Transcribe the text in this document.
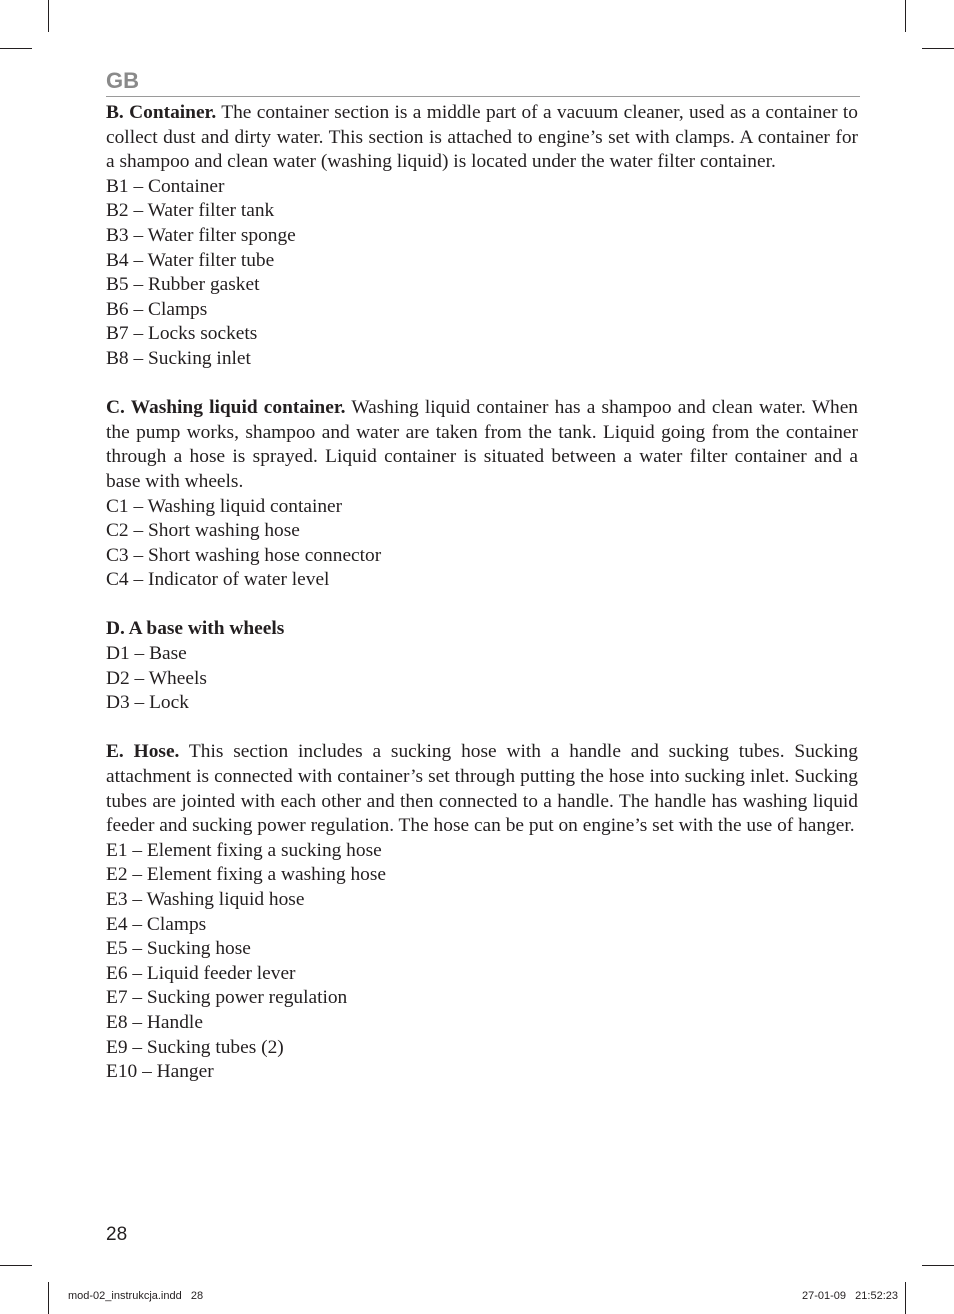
GB

B. Container. The container section is a middle part of a vacuum cleaner, used as a container to collect dust and dirty water. This section is attached to engine’s set with clamps. A container for a shampoo and clean water (washing liquid) is located under the water filter container.

B1 – Container

B2 – Water filter tank

B3 – Water filter sponge

B4 – Water filter tube

B5 – Rubber gasket

B6 – Clamps

B7 – Locks sockets

B8 – Sucking inlet

C. Washing liquid container. Washing liquid container has a shampoo and clean water. When the pump works, shampoo and water are taken from the tank. Liquid going from the container through a hose is sprayed. Liquid container is situated between a water filter container and a base with wheels.

C1 – Washing liquid container

C2 – Short washing hose

C3 – Short washing hose connector

C4 – Indicator of water level

D. A base with wheels

D1 – Base

D2 – Wheels

D3 – Lock

E. Hose. This section includes a sucking hose with a handle and sucking tubes. Sucking attachment is connected with container’s set through putting the hose into sucking inlet. Sucking tubes are jointed with each other and then connected to a handle. The handle has washing liquid feeder and sucking power regulation. The hose can be put on engine’s set with the use of hanger.

E1 – Element fixing a sucking hose

E2 – Element fixing a washing hose

E3 – Washing liquid hose

E4 – Clamps

E5 – Sucking hose

E6 – Liquid feeder lever

E7 – Sucking power regulation

E8 – Handle

E9 – Sucking tubes (2)

E10 – Hanger

28
mod-02_instrukcja.indd   28	27-01-09   21:52:23
